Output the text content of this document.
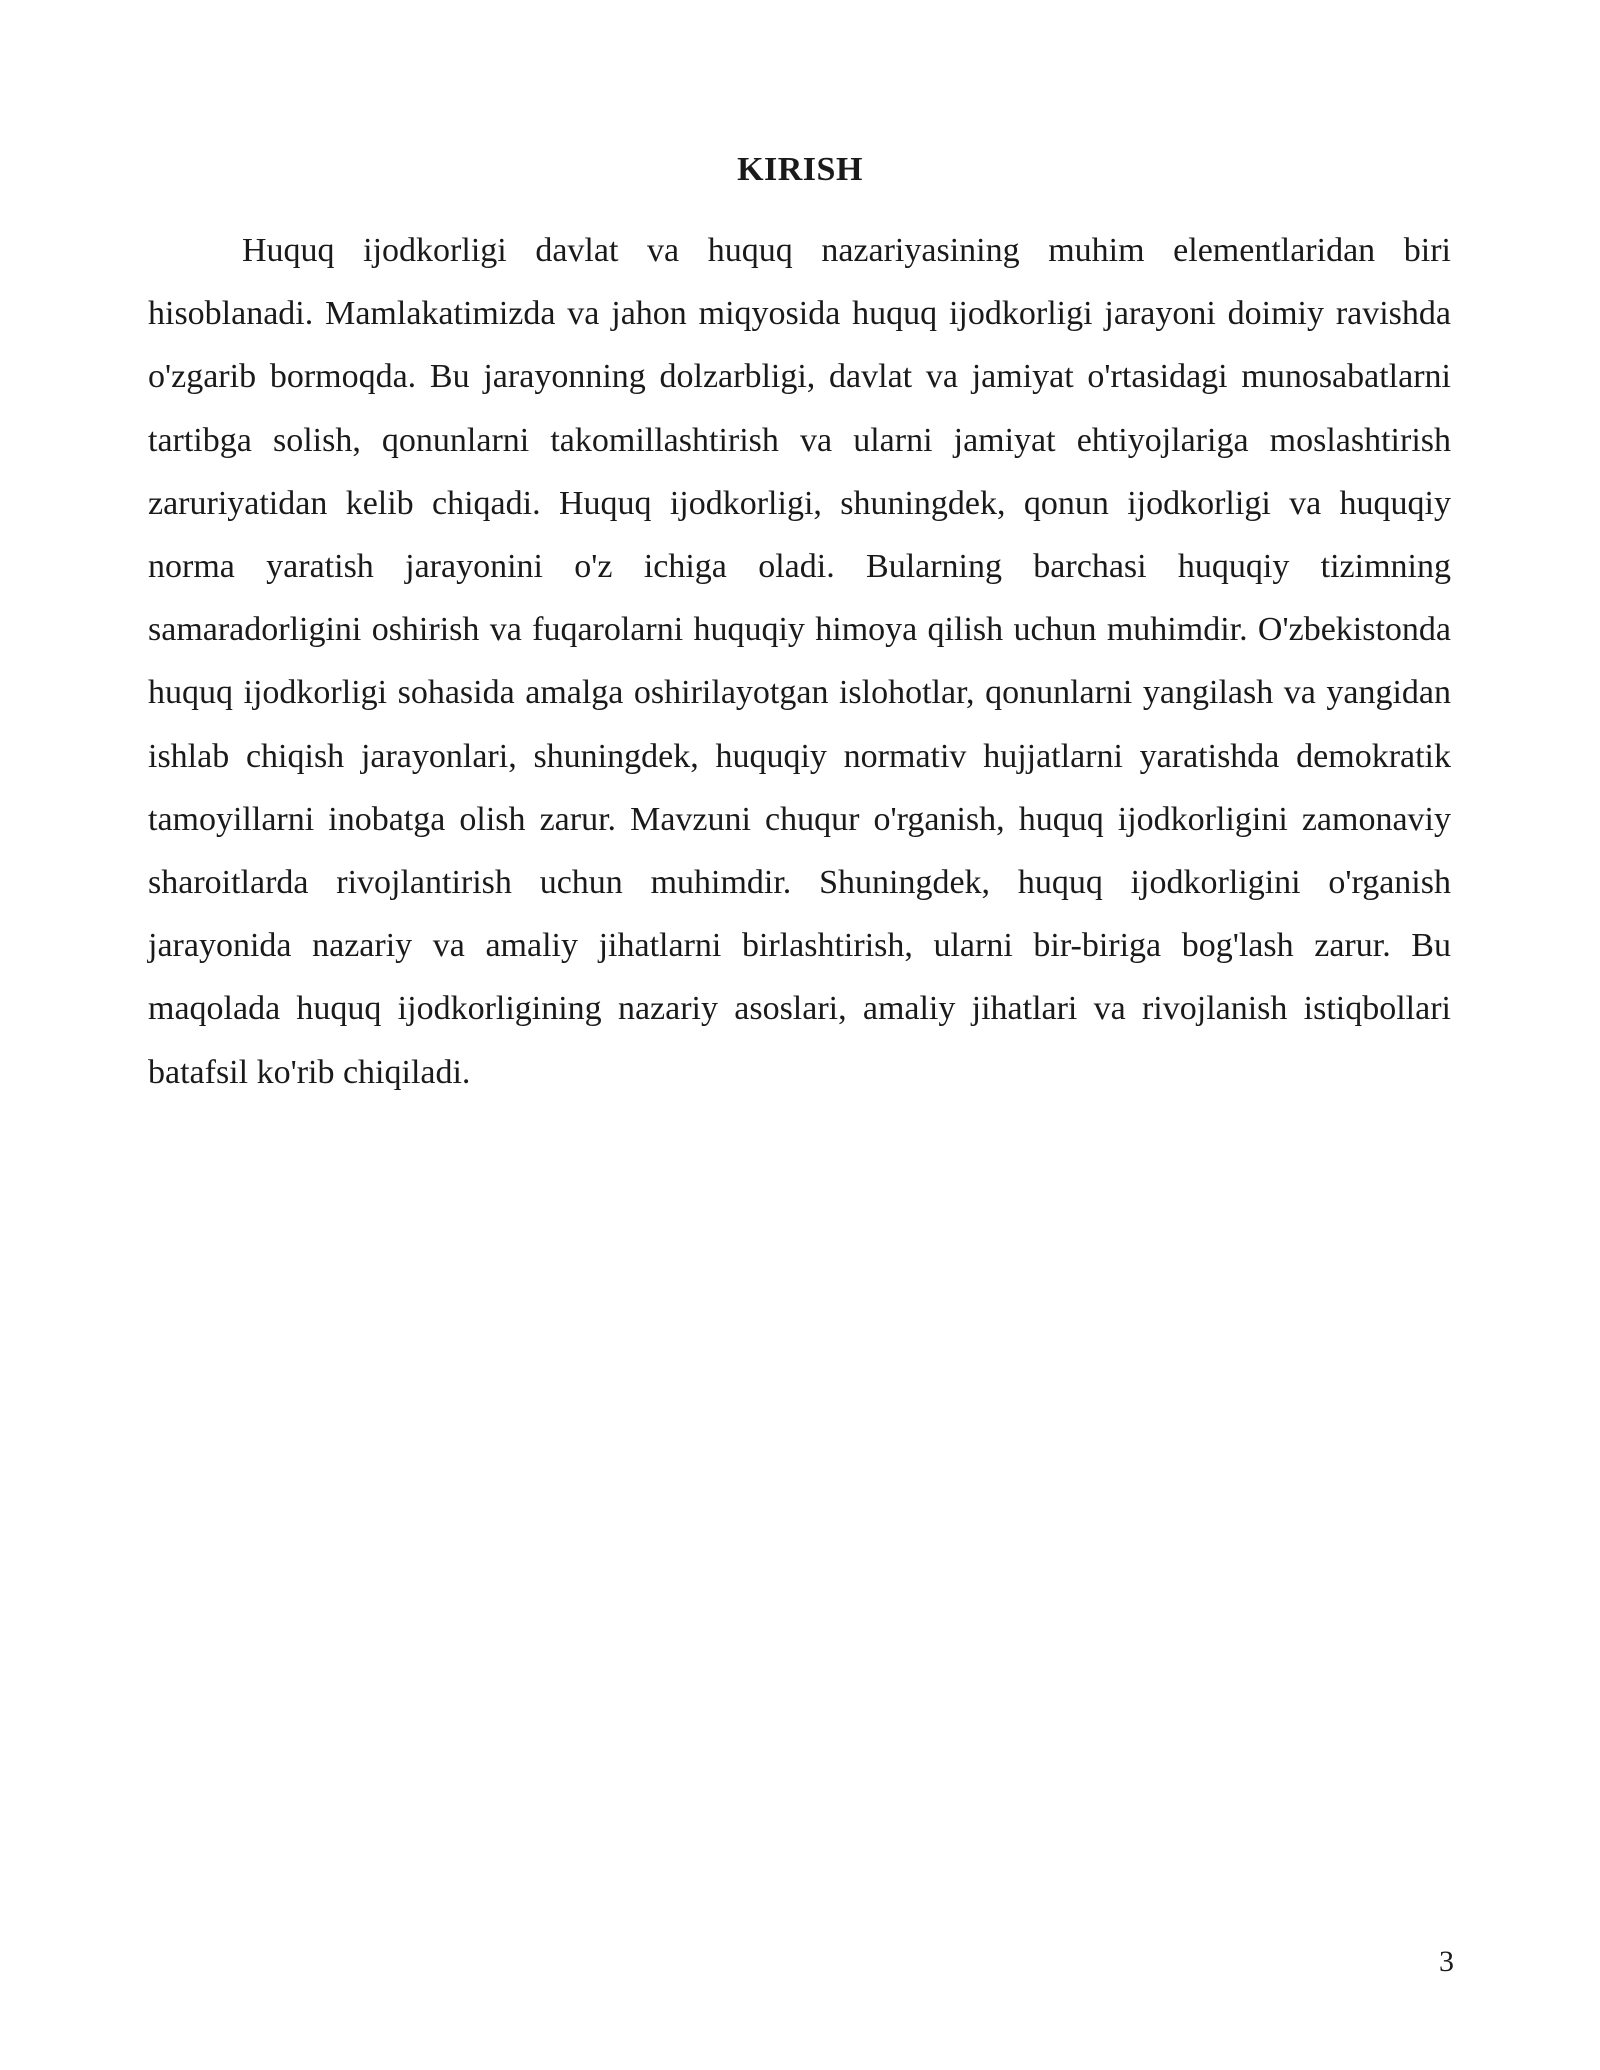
KIRISH

Huquq ijodkorligi davlat va huquq nazariyasining muhim elementlaridan biri hisoblanadi. Mamlakatimizda va jahon miqyosida huquq ijodkorligi jarayoni doimiy ravishda o'zgarib bormoqda. Bu jarayonning dolzarbligi, davlat va jamiyat o'rtasidagi munosabatlarni tartibga solish, qonunlarni takomillashtirish va ularni jamiyat ehtiyojlariga moslashtirish zaruriyatidan kelib chiqadi. Huquq ijodkorligi, shuningdek, qonun ijodkorligi va huquqiy norma yaratish jarayonini o'z ichiga oladi. Bularning barchasi huquqiy tizimning samaradorligini oshirish va fuqarolarni huquqiy himoya qilish uchun muhimdir. O'zbekistonda huquq ijodkorligi sohasida amalga oshirilayotgan islohotlar, qonunlarni yangilash va yangidan ishlab chiqish jarayonlari, shuningdek, huquqiy normativ hujjatlarni yaratishda demokratik tamoyillarni inobatga olish zarur. Mavzuni chuqur o'rganish, huquq ijodkorligini zamonaviy sharoitlarda rivojlantirish uchun muhimdir. Shuningdek, huquq ijodkorligini o'rganish jarayonida nazariy va amaliy jihatlarni birlashtirish, ularni bir-biriga bog'lash zarur. Bu maqolada huquq ijodkorligining nazariy asoslari, amaliy jihatlari va rivojlanish istiqbollari batafsil ko'rib chiqiladi.

3
